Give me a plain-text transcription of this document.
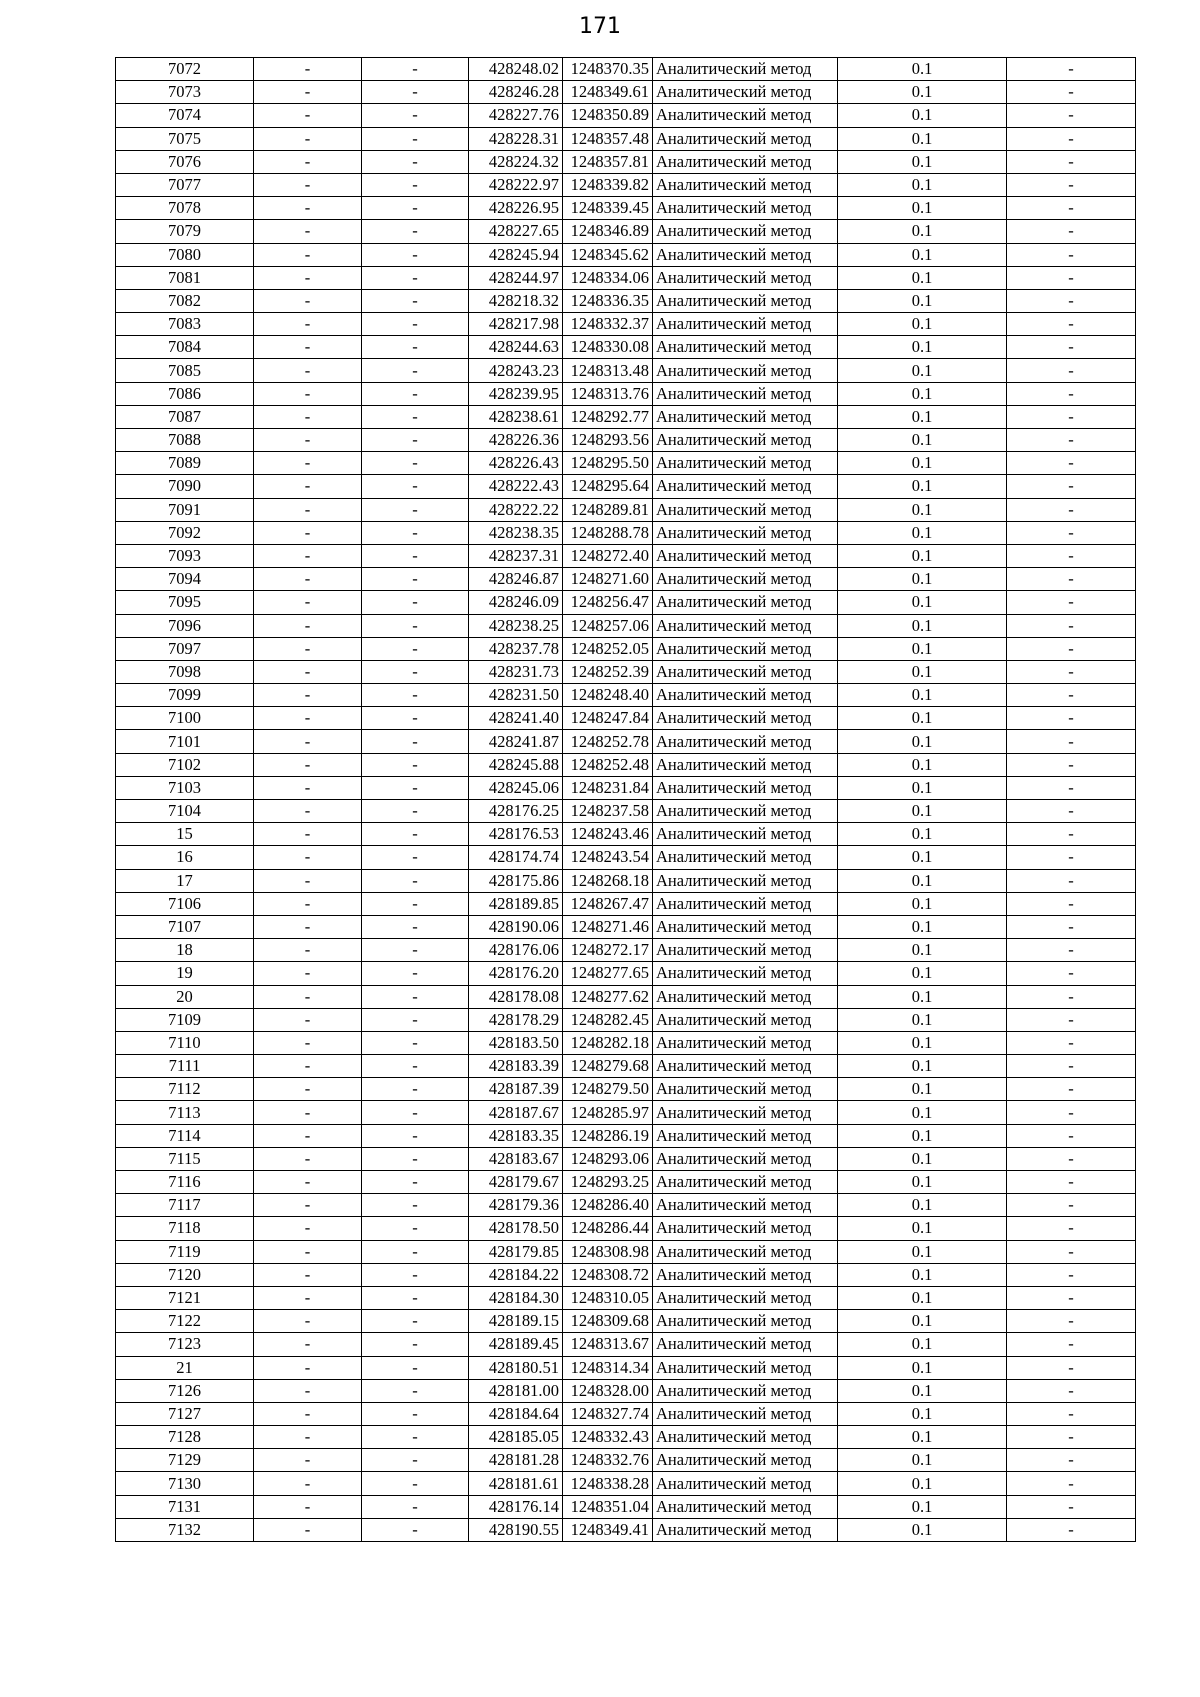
171
7072	-	-	428248.02	1248370.35	Аналитический метод	0.1	-
7073	-	-	428246.28	1248349.61	Аналитический метод	0.1	-
7074	-	-	428227.76	1248350.89	Аналитический метод	0.1	-
7075	-	-	428228.31	1248357.48	Аналитический метод	0.1	-
7076	-	-	428224.32	1248357.81	Аналитический метод	0.1	-
7077	-	-	428222.97	1248339.82	Аналитический метод	0.1	-
7078	-	-	428226.95	1248339.45	Аналитический метод	0.1	-
7079	-	-	428227.65	1248346.89	Аналитический метод	0.1	-
7080	-	-	428245.94	1248345.62	Аналитический метод	0.1	-
7081	-	-	428244.97	1248334.06	Аналитический метод	0.1	-
7082	-	-	428218.32	1248336.35	Аналитический метод	0.1	-
7083	-	-	428217.98	1248332.37	Аналитический метод	0.1	-
7084	-	-	428244.63	1248330.08	Аналитический метод	0.1	-
7085	-	-	428243.23	1248313.48	Аналитический метод	0.1	-
7086	-	-	428239.95	1248313.76	Аналитический метод	0.1	-
7087	-	-	428238.61	1248292.77	Аналитический метод	0.1	-
7088	-	-	428226.36	1248293.56	Аналитический метод	0.1	-
7089	-	-	428226.43	1248295.50	Аналитический метод	0.1	-
7090	-	-	428222.43	1248295.64	Аналитический метод	0.1	-
7091	-	-	428222.22	1248289.81	Аналитический метод	0.1	-
7092	-	-	428238.35	1248288.78	Аналитический метод	0.1	-
7093	-	-	428237.31	1248272.40	Аналитический метод	0.1	-
7094	-	-	428246.87	1248271.60	Аналитический метод	0.1	-
7095	-	-	428246.09	1248256.47	Аналитический метод	0.1	-
7096	-	-	428238.25	1248257.06	Аналитический метод	0.1	-
7097	-	-	428237.78	1248252.05	Аналитический метод	0.1	-
7098	-	-	428231.73	1248252.39	Аналитический метод	0.1	-
7099	-	-	428231.50	1248248.40	Аналитический метод	0.1	-
7100	-	-	428241.40	1248247.84	Аналитический метод	0.1	-
7101	-	-	428241.87	1248252.78	Аналитический метод	0.1	-
7102	-	-	428245.88	1248252.48	Аналитический метод	0.1	-
7103	-	-	428245.06	1248231.84	Аналитический метод	0.1	-
7104	-	-	428176.25	1248237.58	Аналитический метод	0.1	-
15	-	-	428176.53	1248243.46	Аналитический метод	0.1	-
16	-	-	428174.74	1248243.54	Аналитический метод	0.1	-
17	-	-	428175.86	1248268.18	Аналитический метод	0.1	-
7106	-	-	428189.85	1248267.47	Аналитический метод	0.1	-
7107	-	-	428190.06	1248271.46	Аналитический метод	0.1	-
18	-	-	428176.06	1248272.17	Аналитический метод	0.1	-
19	-	-	428176.20	1248277.65	Аналитический метод	0.1	-
20	-	-	428178.08	1248277.62	Аналитический метод	0.1	-
7109	-	-	428178.29	1248282.45	Аналитический метод	0.1	-
7110	-	-	428183.50	1248282.18	Аналитический метод	0.1	-
7111	-	-	428183.39	1248279.68	Аналитический метод	0.1	-
7112	-	-	428187.39	1248279.50	Аналитический метод	0.1	-
7113	-	-	428187.67	1248285.97	Аналитический метод	0.1	-
7114	-	-	428183.35	1248286.19	Аналитический метод	0.1	-
7115	-	-	428183.67	1248293.06	Аналитический метод	0.1	-
7116	-	-	428179.67	1248293.25	Аналитический метод	0.1	-
7117	-	-	428179.36	1248286.40	Аналитический метод	0.1	-
7118	-	-	428178.50	1248286.44	Аналитический метод	0.1	-
7119	-	-	428179.85	1248308.98	Аналитический метод	0.1	-
7120	-	-	428184.22	1248308.72	Аналитический метод	0.1	-
7121	-	-	428184.30	1248310.05	Аналитический метод	0.1	-
7122	-	-	428189.15	1248309.68	Аналитический метод	0.1	-
7123	-	-	428189.45	1248313.67	Аналитический метод	0.1	-
21	-	-	428180.51	1248314.34	Аналитический метод	0.1	-
7126	-	-	428181.00	1248328.00	Аналитический метод	0.1	-
7127	-	-	428184.64	1248327.74	Аналитический метод	0.1	-
7128	-	-	428185.05	1248332.43	Аналитический метод	0.1	-
7129	-	-	428181.28	1248332.76	Аналитический метод	0.1	-
7130	-	-	428181.61	1248338.28	Аналитический метод	0.1	-
7131	-	-	428176.14	1248351.04	Аналитический метод	0.1	-
7132	-	-	428190.55	1248349.41	Аналитический метод	0.1	-
